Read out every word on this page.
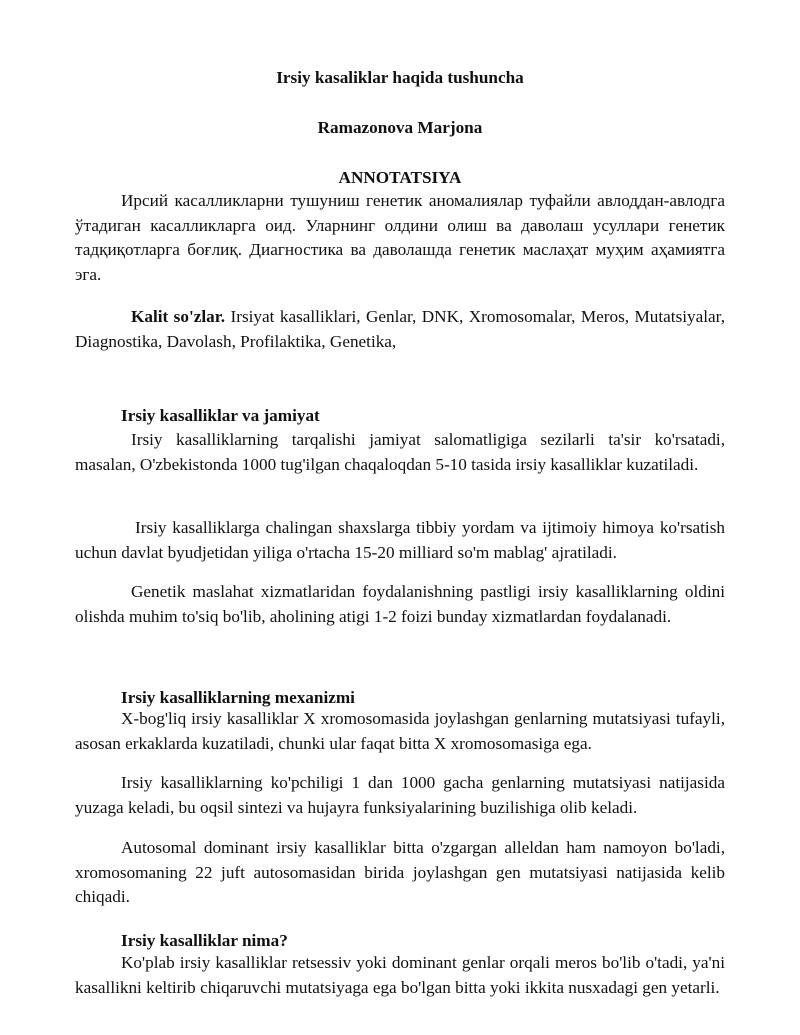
Irsiy kasaliklar haqida tushuncha

Ramazonova Marjona

ANNOTATSIYA

Ирсий касалликларни тушуниш генетик аномалиялар туфайли авлоддан-авлодга ўтадиган касалликларга оид. Уларнинг олдини олиш ва даволаш усуллари генетик тадқиқотларга боғлиқ. Диагностика ва даволашда генетик маслаҳат муҳим аҳамиятга эга.

Kalit so'zlar. Irsiyat kasalliklari, Genlar, DNK, Xromosomalar, Meros, Mutatsiyalar, Diagnostika, Davolash, Profilaktika, Genetika,

Irsiy kasalliklar va jamiyat

Irsiy kasalliklarning tarqalishi jamiyat salomatligiga sezilarli ta'sir ko'rsatadi, masalan, O'zbekistonda 1000 tug'ilgan chaqaloqdan 5-10 tasida irsiy kasalliklar kuzatiladi.

Irsiy kasalliklarga chalingan shaxslarga tibbiy yordam va ijtimoiy himoya ko'rsatish uchun davlat byudjetidan yiliga o'rtacha 15-20 milliard so'm mablag' ajratiladi.

Genetik maslahat xizmatlaridan foydalanishning pastligi irsiy kasalliklarning oldini olishda muhim to'siq bo'lib, aholining atigi 1-2 foizi bunday xizmatlardan foydalanadi.

Irsiy kasalliklarning mexanizmi

X-bog'liq irsiy kasalliklar X xromosomasida joylashgan genlarning mutatsiyasi tufayli, asosan erkaklarda kuzatiladi, chunki ular faqat bitta X xromosomasiga ega.

Irsiy kasalliklarning ko'pchiligi 1 dan 1000 gacha genlarning mutatsiyasi natijasida yuzaga keladi, bu oqsil sintezi va hujayra funksiyalarining buzilishiga olib keladi.

Autosomal dominant irsiy kasalliklar bitta o'zgargan alleldan ham namoyon bo'ladi, xromosomaning 22 juft autosomasidan birida joylashgan gen mutatsiyasi natijasida kelib chiqadi.

Irsiy kasalliklar nima?

Ko'plab irsiy kasalliklar retsessiv yoki dominant genlar orqali meros bo'lib o'tadi, ya'ni kasallikni keltirib chiqaruvchi mutatsiyaga ega bo'lgan bitta yoki ikkita nusxadagi gen yetarli.
